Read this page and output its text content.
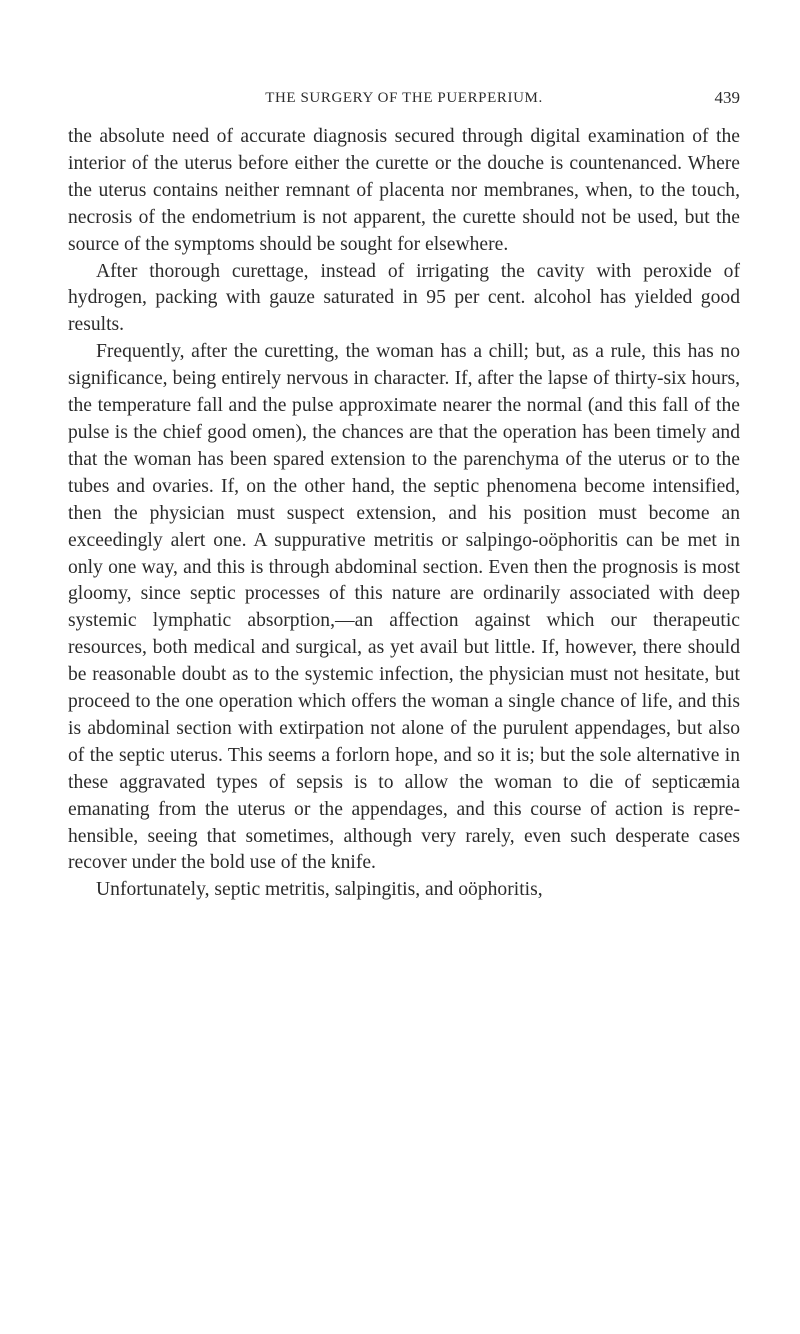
THE SURGERY OF THE PUERPERIUM.	439

the absolute need of accurate diagnosis secured through digital examination of the interior of the uterus before either the curette or the douche is countenanced. Where the uterus contains neither remnant of placenta nor membranes, when, to the touch, necrosis of the endometrium is not apparent, the curette should not be used, but the source of the symptoms should be sought for elsewhere.

After thorough curettage, instead of irrigating the cavity with peroxide of hydrogen, packing with gauze saturated in 95 per cent. alcohol has yielded good results.

Frequently, after the curetting, the woman has a chill; but, as a rule, this has no significance, being entirely nervous in character. If, after the lapse of thirty-six hours, the temperature fall and the pulse approximate nearer the normal (and this fall of the pulse is the chief good omen), the chances are that the operation has been timely and that the woman has been spared extension to the parenchyma of the uterus or to the tubes and ovaries. If, on the other hand, the septic phenomena become intensified, then the physician must suspect extension, and his position must become an exceedingly alert one. A suppurative metritis or salpingo-oöphoritis can be met in only one way, and this is through abdominal section. Even then the prognosis is most gloomy, since septic processes of this nature are ordinarily associated with deep systemic lymphatic absorption,—an affection against which our therapeutic resources, both medical and surgical, as yet avail but little. If, however, there should be reasonable doubt as to the systemic infection, the physician must not hesitate, but proceed to the one operation which offers the woman a single chance of life, and this is abdominal section with extirpation not alone of the purulent appendages, but also of the septic uterus. This seems a forlorn hope, and so it is; but the sole alternative in these aggravated types of sepsis is to allow the woman to die of septicæmia emanating from the uterus or the appendages, and this course of action is reprehensible, seeing that sometimes, although very rarely, even such desperate cases recover under the bold use of the knife.

Unfortunately, septic metritis, salpingitis, and oöphoritis,
